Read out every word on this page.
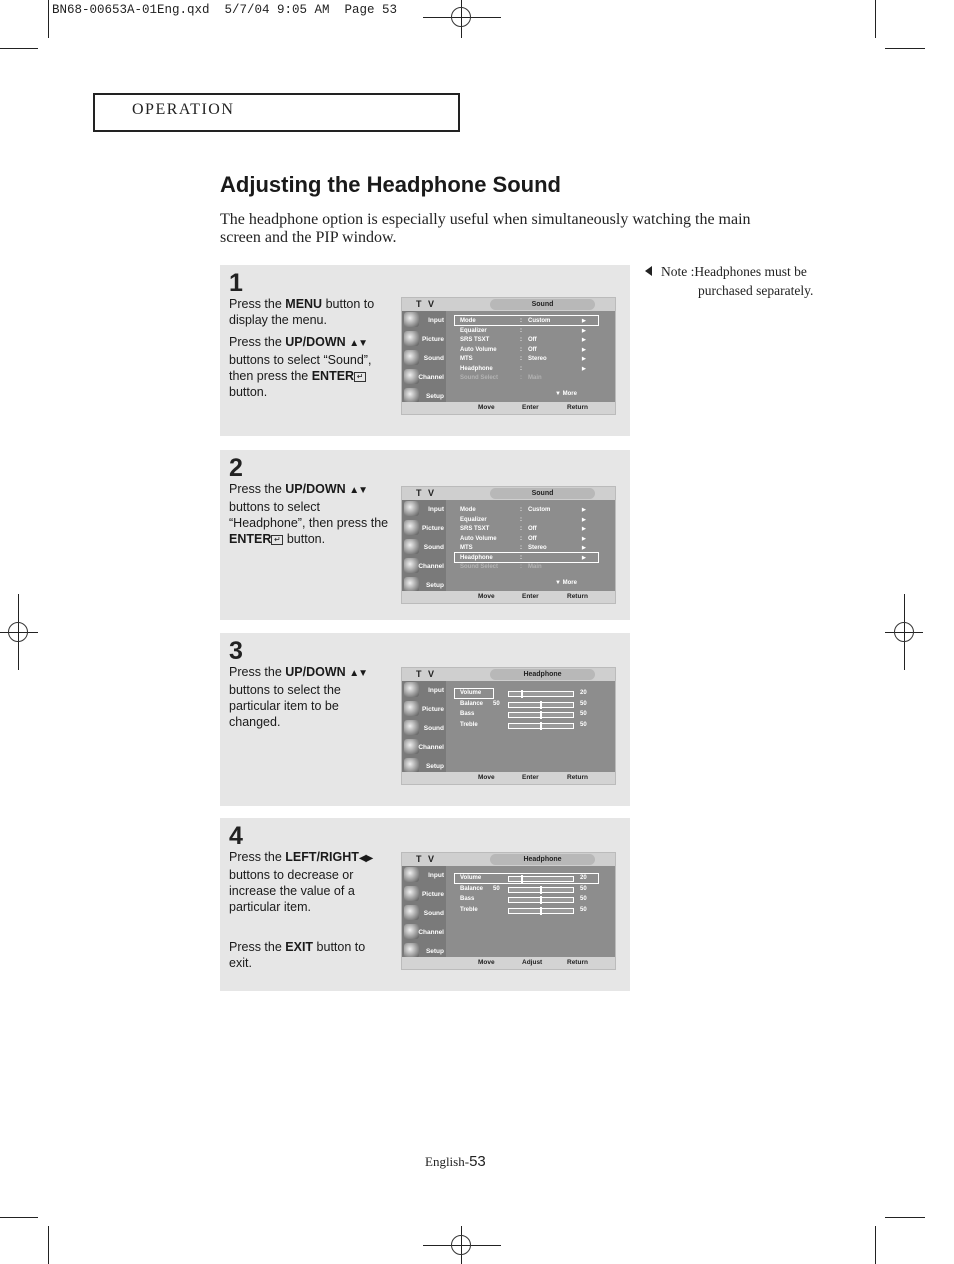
BN68-00653A-01Eng.qxd  5/7/04 9:05 AM  Page 53
OPERATION
Adjusting the Headphone Sound
The headphone option is especially useful when simultaneously watching the main screen and the PIP window.
Note : Headphones must be
purchased separately.
1

Press the MENU button to display the menu.

Press the UP/DOWN ▲▼ buttons to select “Sound”, then press the ENTER ↵ button.

T V	Sound
Input
Picture
Sound
Channel
Setup
Mode	: Custom	▶
Equalizer	:	▶
SRS TSXT	: Off	▶
Auto Volume	: Off	▶
MTS	: Stereo	▶
Headphone	:	▶
Sound Select	: Main
▼ More
Move	Enter	Return
2

Press the UP/DOWN ▲▼ buttons to select “Headphone”, then press the ENTER ↵ button.

T V	Sound
Input
Picture
Sound
Channel
Setup
Mode	: Custom	▶
Equalizer	:	▶
SRS TSXT	: Off	▶
Auto Volume	: Off	▶
MTS	: Stereo	▶
Headphone	:	▶
Sound Select	: Main
▼ More
Move	Enter	Return
3

Press the UP/DOWN ▲▼ buttons to select the particular item to be changed.

T V	Headphone
Input
Picture
Sound
Channel
Setup
Volume	20
Balance 50	50
Bass	50
Treble	50
Move	Enter	Return
4

Press the LEFT/RIGHT◀▶ buttons to decrease or increase the value of a particular item.

Press the EXIT button to exit.

T V	Headphone
Input
Picture
Sound
Channel
Setup
Volume	20
Balance 50	50
Bass	50
Treble	50
Move	Adjust	Return
English-53
